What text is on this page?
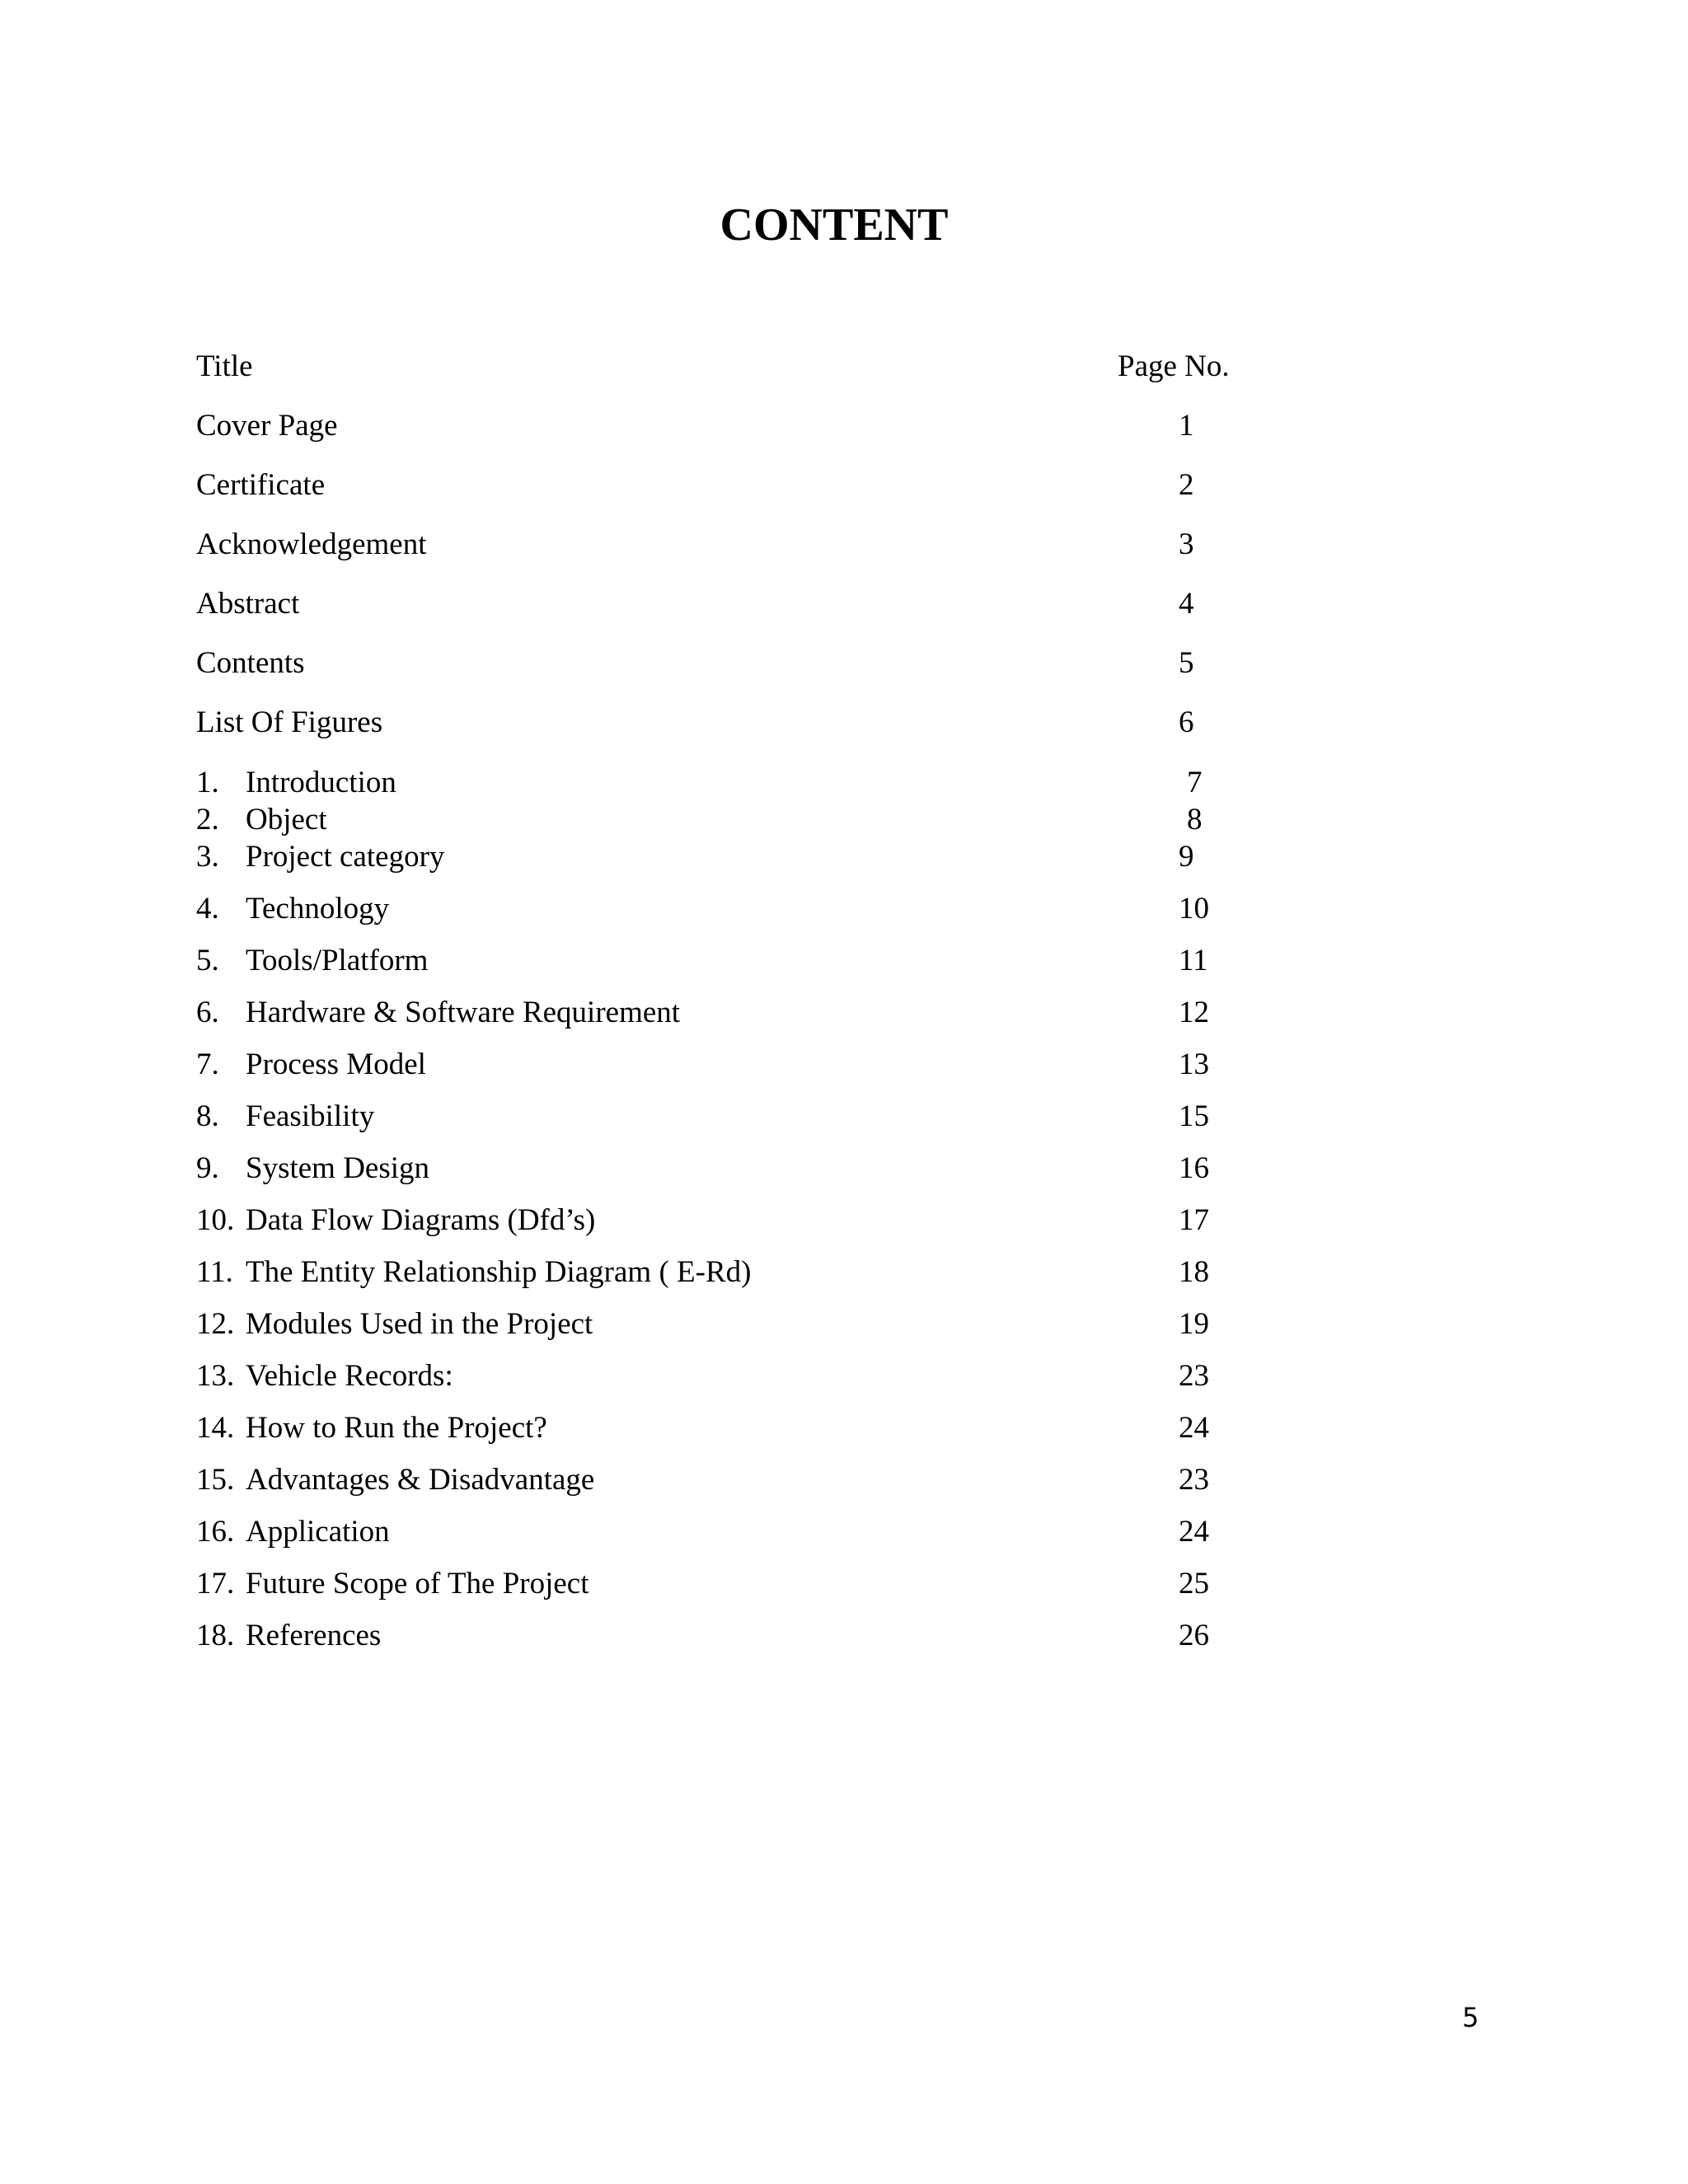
CONTENT
Title	Page No.
Cover Page	1
Certificate	2
Acknowledgement	3
Abstract	4
Contents	5
List Of Figures	6
1. Introduction	7
2. Object	8
3. Project category	9
4. Technology	10
5. Tools/Platform	11
6. Hardware & Software Requirement	12
7. Process Model	13
8. Feasibility	15
9. System Design	16
10. Data Flow Diagrams (Dfd’s)	17
11. The Entity Relationship Diagram ( E-Rd)	18
12. Modules Used in the Project	19
13. Vehicle Records:	23
14. How to Run the Project?	24
15. Advantages & Disadvantage	23
16. Application	24
17. Future Scope of The Project	25
18. References	26
5
